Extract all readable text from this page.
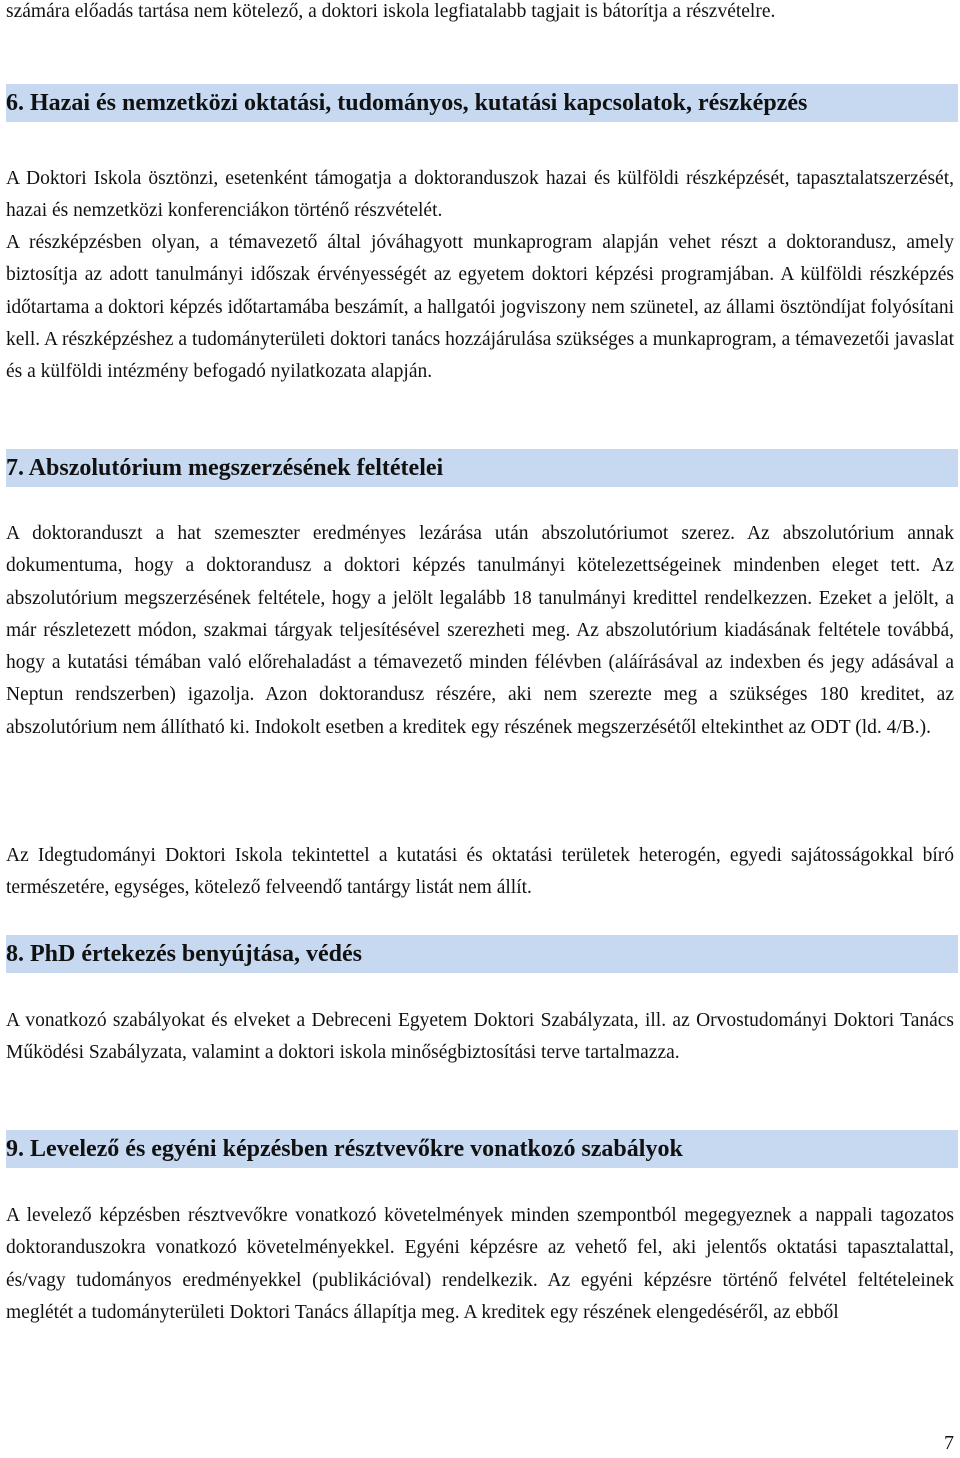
számára előadás tartása nem kötelező, a doktori iskola legfiatalabb tagjait is bátorítja a részvételre.

6. Hazai és nemzetközi oktatási, tudományos, kutatási kapcsolatok, részképzés

A Doktori Iskola ösztönzi, esetenként támogatja a doktoranduszok hazai és külföldi részképzését, tapasztalatszerzését, hazai és nemzetközi konferenciákon történő részvételét.

A részképzésben olyan, a témavezető által jóváhagyott munkaprogram alapján vehet részt a doktorandusz, amely biztosítja az adott tanulmányi időszak érvényességét az egyetem doktori képzési programjában. A külföldi részképzés időtartama a doktori képzés időtartamába beszámít, a hallgatói jogviszony nem szünetel, az állami ösztöndíjat folyósítani kell. A részképzéshez a tudományterületi doktori tanács hozzájárulása szükséges a munkaprogram, a témavezetői javaslat és a külföldi intézmény befogadó nyilatkozata alapján.

7. Abszolutórium megszerzésének feltételei

A doktoranduszt a hat szemeszter eredményes lezárása után abszolutóriumot szerez. Az abszolutórium annak dokumentuma, hogy a doktorandusz a doktori képzés tanulmányi kötelezettségeinek mindenben eleget tett. Az abszolutórium megszerzésének feltétele, hogy a jelölt legalább 18 tanulmányi kredittel rendelkezzen. Ezeket a jelölt, a már részletezett módon, szakmai tárgyak teljesítésével szerezheti meg. Az abszolutórium kiadásának feltétele továbbá, hogy a kutatási témában való előrehaladást a témavezető minden félévben (aláírásával az indexben és jegy adásával a Neptun rendszerben) igazolja. Azon doktorandusz részére, aki nem szerezte meg a szükséges 180 kreditet, az abszolutórium nem állítható ki. Indokolt esetben a kreditek egy részének megszerzésétől eltekinthet az ODT (ld. 4/B.).

Az Idegtudományi Doktori Iskola tekintettel a kutatási és oktatási területek heterogén, egyedi sajátosságokkal bíró természetére, egységes, kötelező felveendő tantárgy listát nem állít.

8. PhD értekezés benyújtása, védés

A vonatkozó szabályokat és elveket a Debreceni Egyetem Doktori Szabályzata, ill. az Orvostudományi Doktori Tanács Működési Szabályzata, valamint a doktori iskola minőségbiztosítási terve tartalmazza.

9. Levelező és egyéni képzésben résztvevőkre vonatkozó szabályok

A levelező képzésben résztvevőkre vonatkozó követelmények minden szempontból megegyeznek a nappali tagozatos doktoranduszokra vonatkozó követelményekkel. Egyéni képzésre az vehető fel, aki jelentős oktatási tapasztalattal, és/vagy tudományos eredményekkel (publikációval) rendelkezik. Az egyéni képzésre történő felvétel feltételeinek meglétét a tudományterületi Doktori Tanács állapítja meg. A kreditek egy részének elengedéséről, az ebből

7
